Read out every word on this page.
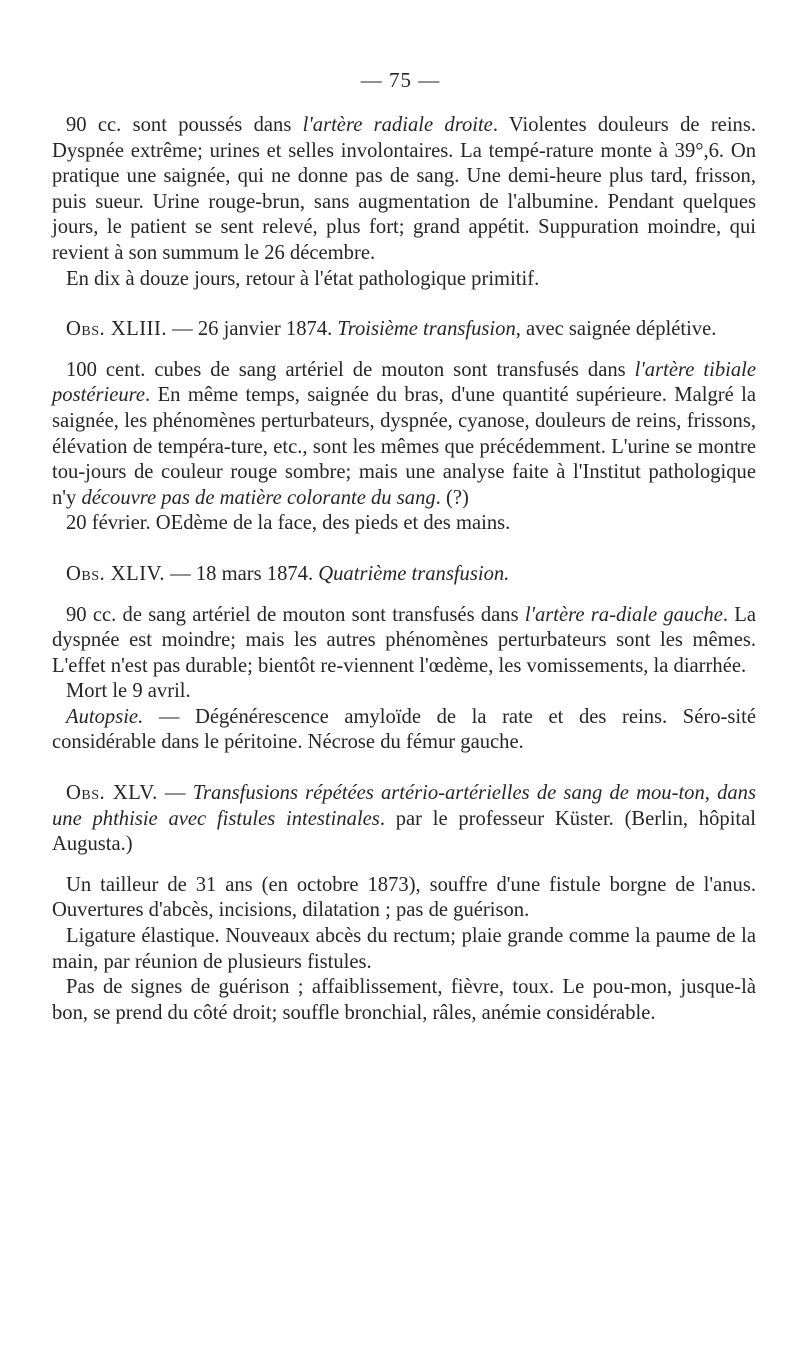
— 75 —

90 cc. sont poussés dans l'artère radiale droite. Violentes douleurs de reins. Dyspnée extrême; urines et selles involontaires. La tempé-rature monte à 39°,6. On pratique une saignée, qui ne donne pas de sang. Une demi-heure plus tard, frisson, puis sueur. Urine rouge-brun, sans augmentation de l'albumine. Pendant quelques jours, le patient se sent relevé, plus fort; grand appétit. Suppuration moindre, qui revient à son summum le 26 décembre.

En dix à douze jours, retour à l'état pathologique primitif.

Obs. XLIII. — 26 janvier 1874. Troisième transfusion, avec saignée déplétive.

100 cent. cubes de sang artériel de mouton sont transfusés dans l'artère tibiale postérieure. En même temps, saignée du bras, d'une quantité supérieure. Malgré la saignée, les phénomènes perturbateurs, dyspnée, cyanose, douleurs de reins, frissons, élévation de tempéra-ture, etc., sont les mêmes que précédemment. L'urine se montre tou-jours de couleur rouge sombre; mais une analyse faite à l'Institut pathologique n'y découvre pas de matière colorante du sang. (?)

20 février. OEdème de la face, des pieds et des mains.

Obs. XLIV. — 18 mars 1874. Quatrième transfusion.

90 cc. de sang artériel de mouton sont transfusés dans l'artère ra-diale gauche. La dyspnée est moindre; mais les autres phénomènes perturbateurs sont les mêmes. L'effet n'est pas durable; bientôt re-viennent l'œdème, les vomissements, la diarrhée.

Mort le 9 avril.

Autopsie. — Dégénérescence amyloïde de la rate et des reins. Séro-sité considérable dans le péritoine. Nécrose du fémur gauche.

Obs. XLV. — Transfusions répétées artério-artérielles de sang de mou-ton, dans une phthisie avec fistules intestinales. par le professeur Küster. (Berlin, hôpital Augusta.)

Un tailleur de 31 ans (en octobre 1873), souffre d'une fistule borgne de l'anus. Ouvertures d'abcès, incisions, dilatation ; pas de guérison.

Ligature élastique. Nouveaux abcès du rectum; plaie grande comme la paume de la main, par réunion de plusieurs fistules.

Pas de signes de guérison ; affaiblissement, fièvre, toux. Le pou-mon, jusque-là bon, se prend du côté droit; souffle bronchial, râles, anémie considérable.
